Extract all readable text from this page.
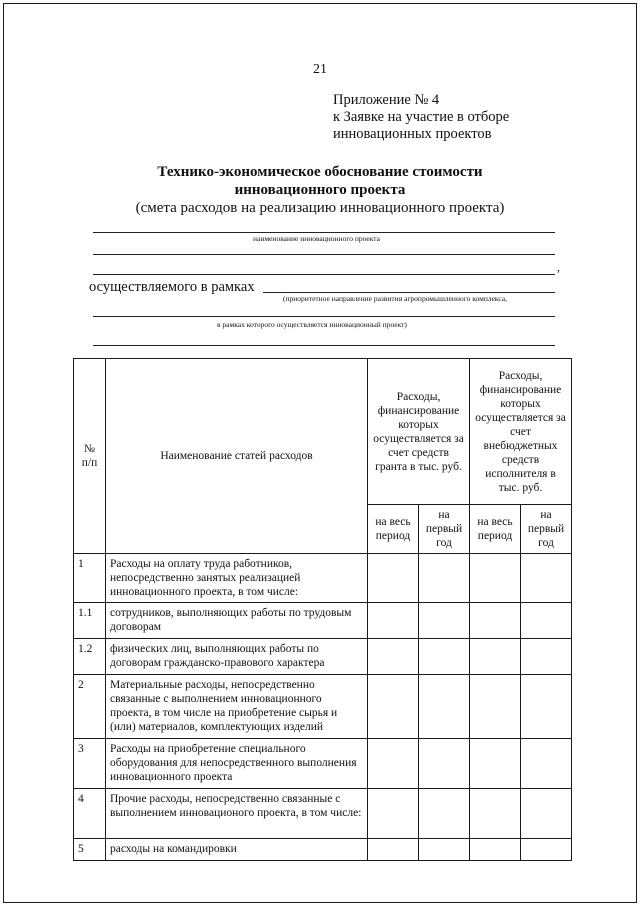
21
Приложение № 4
к Заявке на участие в отборе
инновационных проектов
Технико-экономическое обоснование стоимости
инновационного проекта
(смета расходов на реализацию инновационного проекта)
наименование инновационного проекта
,
осуществляемого в рамках
(приоритетное направление развития агропромышленного комплекса,
в рамках которого осуществляется инновационный проект)
№ п/п	Наименование статей расходов	Расходы, финансирование которых осуществляется за счет средств гранта в тыс. руб.		Расходы, финансирование которых осуществляется за счет внебюджетных средств исполнителя в тыс. руб.	
		на весь период	на первый год	на весь период	на первый год
1	Расходы на оплату труда работников, непосредственно занятых реализацией инновационного проекта, в том числе:				
1.1	сотрудников, выполняющих работы по трудовым договорам				
1.2	физических лиц, выполняющих работы по договорам гражданско-правового характера				
2	Материальные расходы, непосредственно связанные с выполнением инновационного проекта, в том числе на приобретение сырья и (или) материалов, комплектующих изделий				
3	Расходы на приобретение специального оборудования для непосредственного выполнения инновационного проекта				
4	Прочие расходы, непосредственно связанные с выполнением инновационого проекта, в том числе:				
5	расходы на командировки				
